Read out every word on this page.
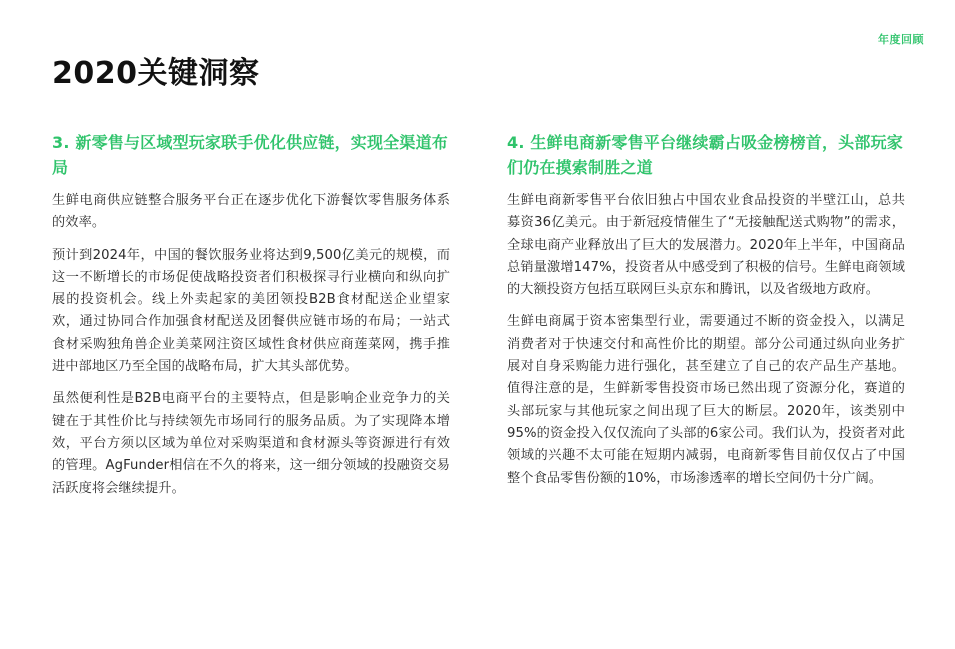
年度回顾
2020关键洞察
3. 新零售与区域型玩家联手优化供应链，实现全渠道布局

生鲜电商供应链整合服务平台正在逐步优化下游餐饮零售服务体系的效率。

预计到2024年，中国的餐饮服务业将达到9,500亿美元的规模，而这一不断增长的市场促使战略投资者们积极探寻行业横向和纵向扩展的投资机会。线上外卖起家的美团领投B2B食材配送企业望家欢，通过协同合作加强食材配送及团餐供应链市场的布局；一站式食材采购独角兽企业美菜网注资区域性食材供应商莲菜网，携手推进中部地区乃至全国的战略布局，扩大其头部优势。

虽然便利性是B2B电商平台的主要特点，但是影响企业竞争力的关键在于其性价比与持续领先市场同行的服务品质。为了实现降本增效，平台方须以区域为单位对采购渠道和食材源头等资源进行有效的管理。AgFunder相信在不久的将来，这一细分领域的投融资交易活跃度将会继续提升。

4. 生鲜电商新零售平台继续霸占吸金榜榜首，头部玩家们仍在摸索制胜之道

生鲜电商新零售平台依旧独占中国农业食品投资的半壁江山，总共募资36亿美元。由于新冠疫情催生了“无接触配送式购物”的需求，全球电商产业释放出了巨大的发展潜力。2020年上半年，中国商品总销量激增147%，投资者从中感受到了积极的信号。生鲜电商领域的大额投资方包括互联网巨头京东和腾讯，以及省级地方政府。

生鲜电商属于资本密集型行业，需要通过不断的资金投入，以满足消费者对于快速交付和高性价比的期望。部分公司通过纵向业务扩展对自身采购能力进行强化，甚至建立了自己的农产品生产基地。值得注意的是，生鲜新零售投资市场已然出现了资源分化，赛道的头部玩家与其他玩家之间出现了巨大的断层。2020年，该类别中95%的资金投入仅仅流向了头部的6家公司。我们认为，投资者对此领域的兴趣不太可能在短期内减弱，电商新零售目前仅仅占了中国整个食品零售份额的10%，市场渗透率的增长空间仍十分广阔。
